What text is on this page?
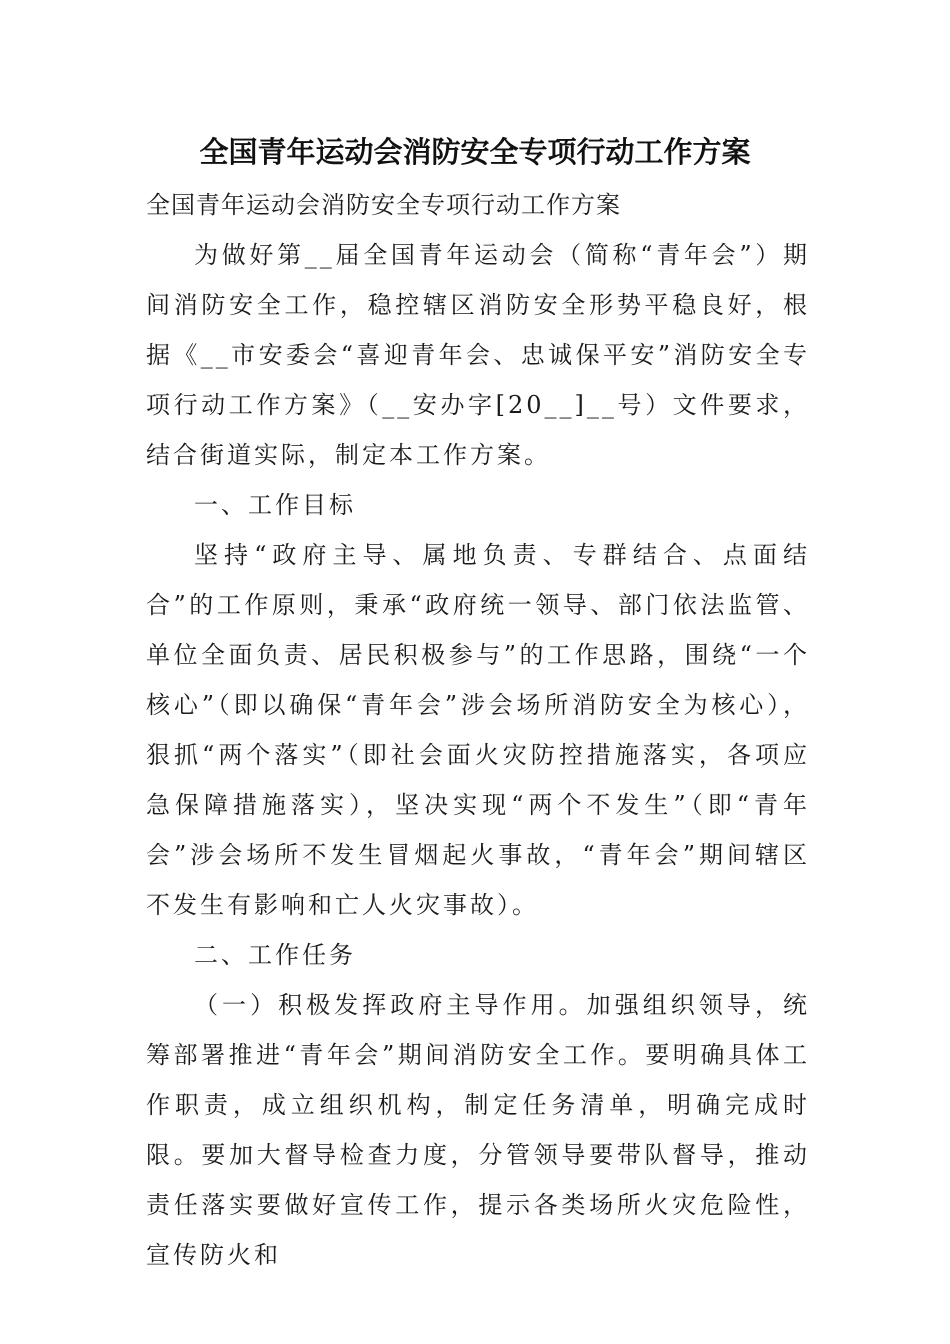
全国青年运动会消防安全专项行动工作方案

全国青年运动会消防安全专项行动工作方案

为做好第__届全国青年运动会（简称“青年会”）期间消防安全工作，稳控辖区消防安全形势平稳良好，根据《__市安委会“喜迎青年会、忠诚保平安”消防安全专项行动工作方案》（__安办字[20__]__号）文件要求，结合街道实际，制定本工作方案。

一、工作目标

坚持“政府主导、属地负责、专群结合、点面结合”的工作原则，秉承“政府统一领导、部门依法监管、单位全面负责、居民积极参与”的工作思路，围绕“一个核心”（即以确保“青年会”涉会场所消防安全为核心），狠抓“两个落实”（即社会面火灾防控措施落实，各项应急保障措施落实），坚决实现“两个不发生”（即“青年会”涉会场所不发生冒烟起火事故，“青年会”期间辖区不发生有影响和亡人火灾事故）。

二、工作任务

（一）积极发挥政府主导作用。加强组织领导，统筹部署推进“青年会”期间消防安全工作。要明确具体工作职责，成立组织机构，制定任务清单，明确完成时限。要加大督导检查力度，分管领导要带队督导，推动责任落实要做好宣传工作，提示各类场所火灾危险性，宣传防火和
